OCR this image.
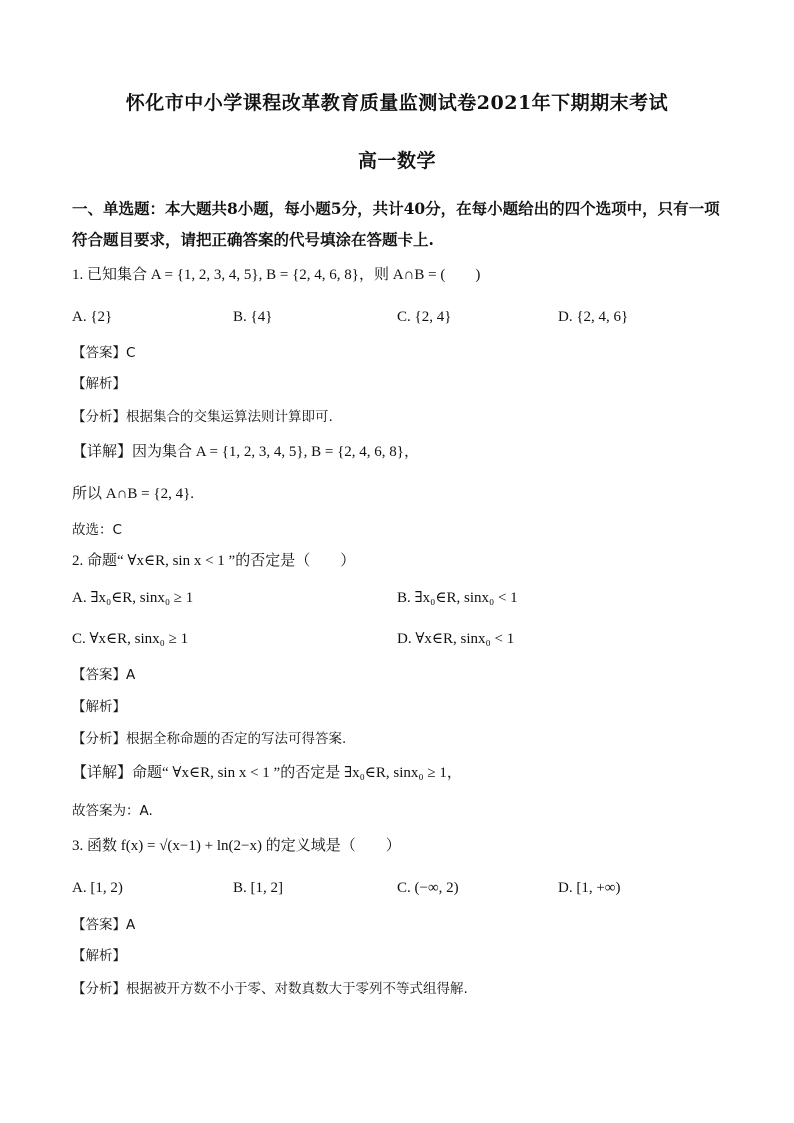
怀化市中小学课程改革教育质量监测试卷2021年下期期末考试
高一数学
一、单选题：本大题共8小题，每小题5分，共计40分，在每小题给出的四个选项中，只有一项符合题目要求，请把正确答案的代号填涂在答题卡上.
1. 已知集合 A = {1, 2, 3, 4, 5}, B = {2, 4, 6, 8}，则 A∩B = (　　)
A. {2}	B. {4}	C. {2, 4}	D. {2, 4, 6}
【答案】C
【解析】
【分析】根据集合的交集运算法则计算即可.
【详解】因为集合 A = {1, 2, 3, 4, 5}, B = {2, 4, 6, 8}，
所以 A∩B = {2, 4}.
故选：C
2. 命题“ ∀x∈R, sin x < 1 ”的否定是（　　）
A. ∃x₀∈R, sinx₀ ≥ 1	B. ∃x₀∈R, sinx₀ < 1
C. ∀x∈R, sinx₀ ≥ 1	D. ∀x∈R, sinx₀ < 1
【答案】A
【解析】
【分析】根据全称命题的否定的写法可得答案.
【详解】命题“ ∀x∈R, sin x < 1 ”的否定是 ∃x₀∈R, sinx₀ ≥ 1，
故答案为：A.
3. 函数 f(x) = √(x−1) + ln(2−x) 的定义域是（　　）
A. [1, 2)	B. [1, 2]	C. (−∞, 2)	D. [1, +∞)
【答案】A
【解析】
【分析】根据被开方数不小于零、对数真数大于零列不等式组得解.
